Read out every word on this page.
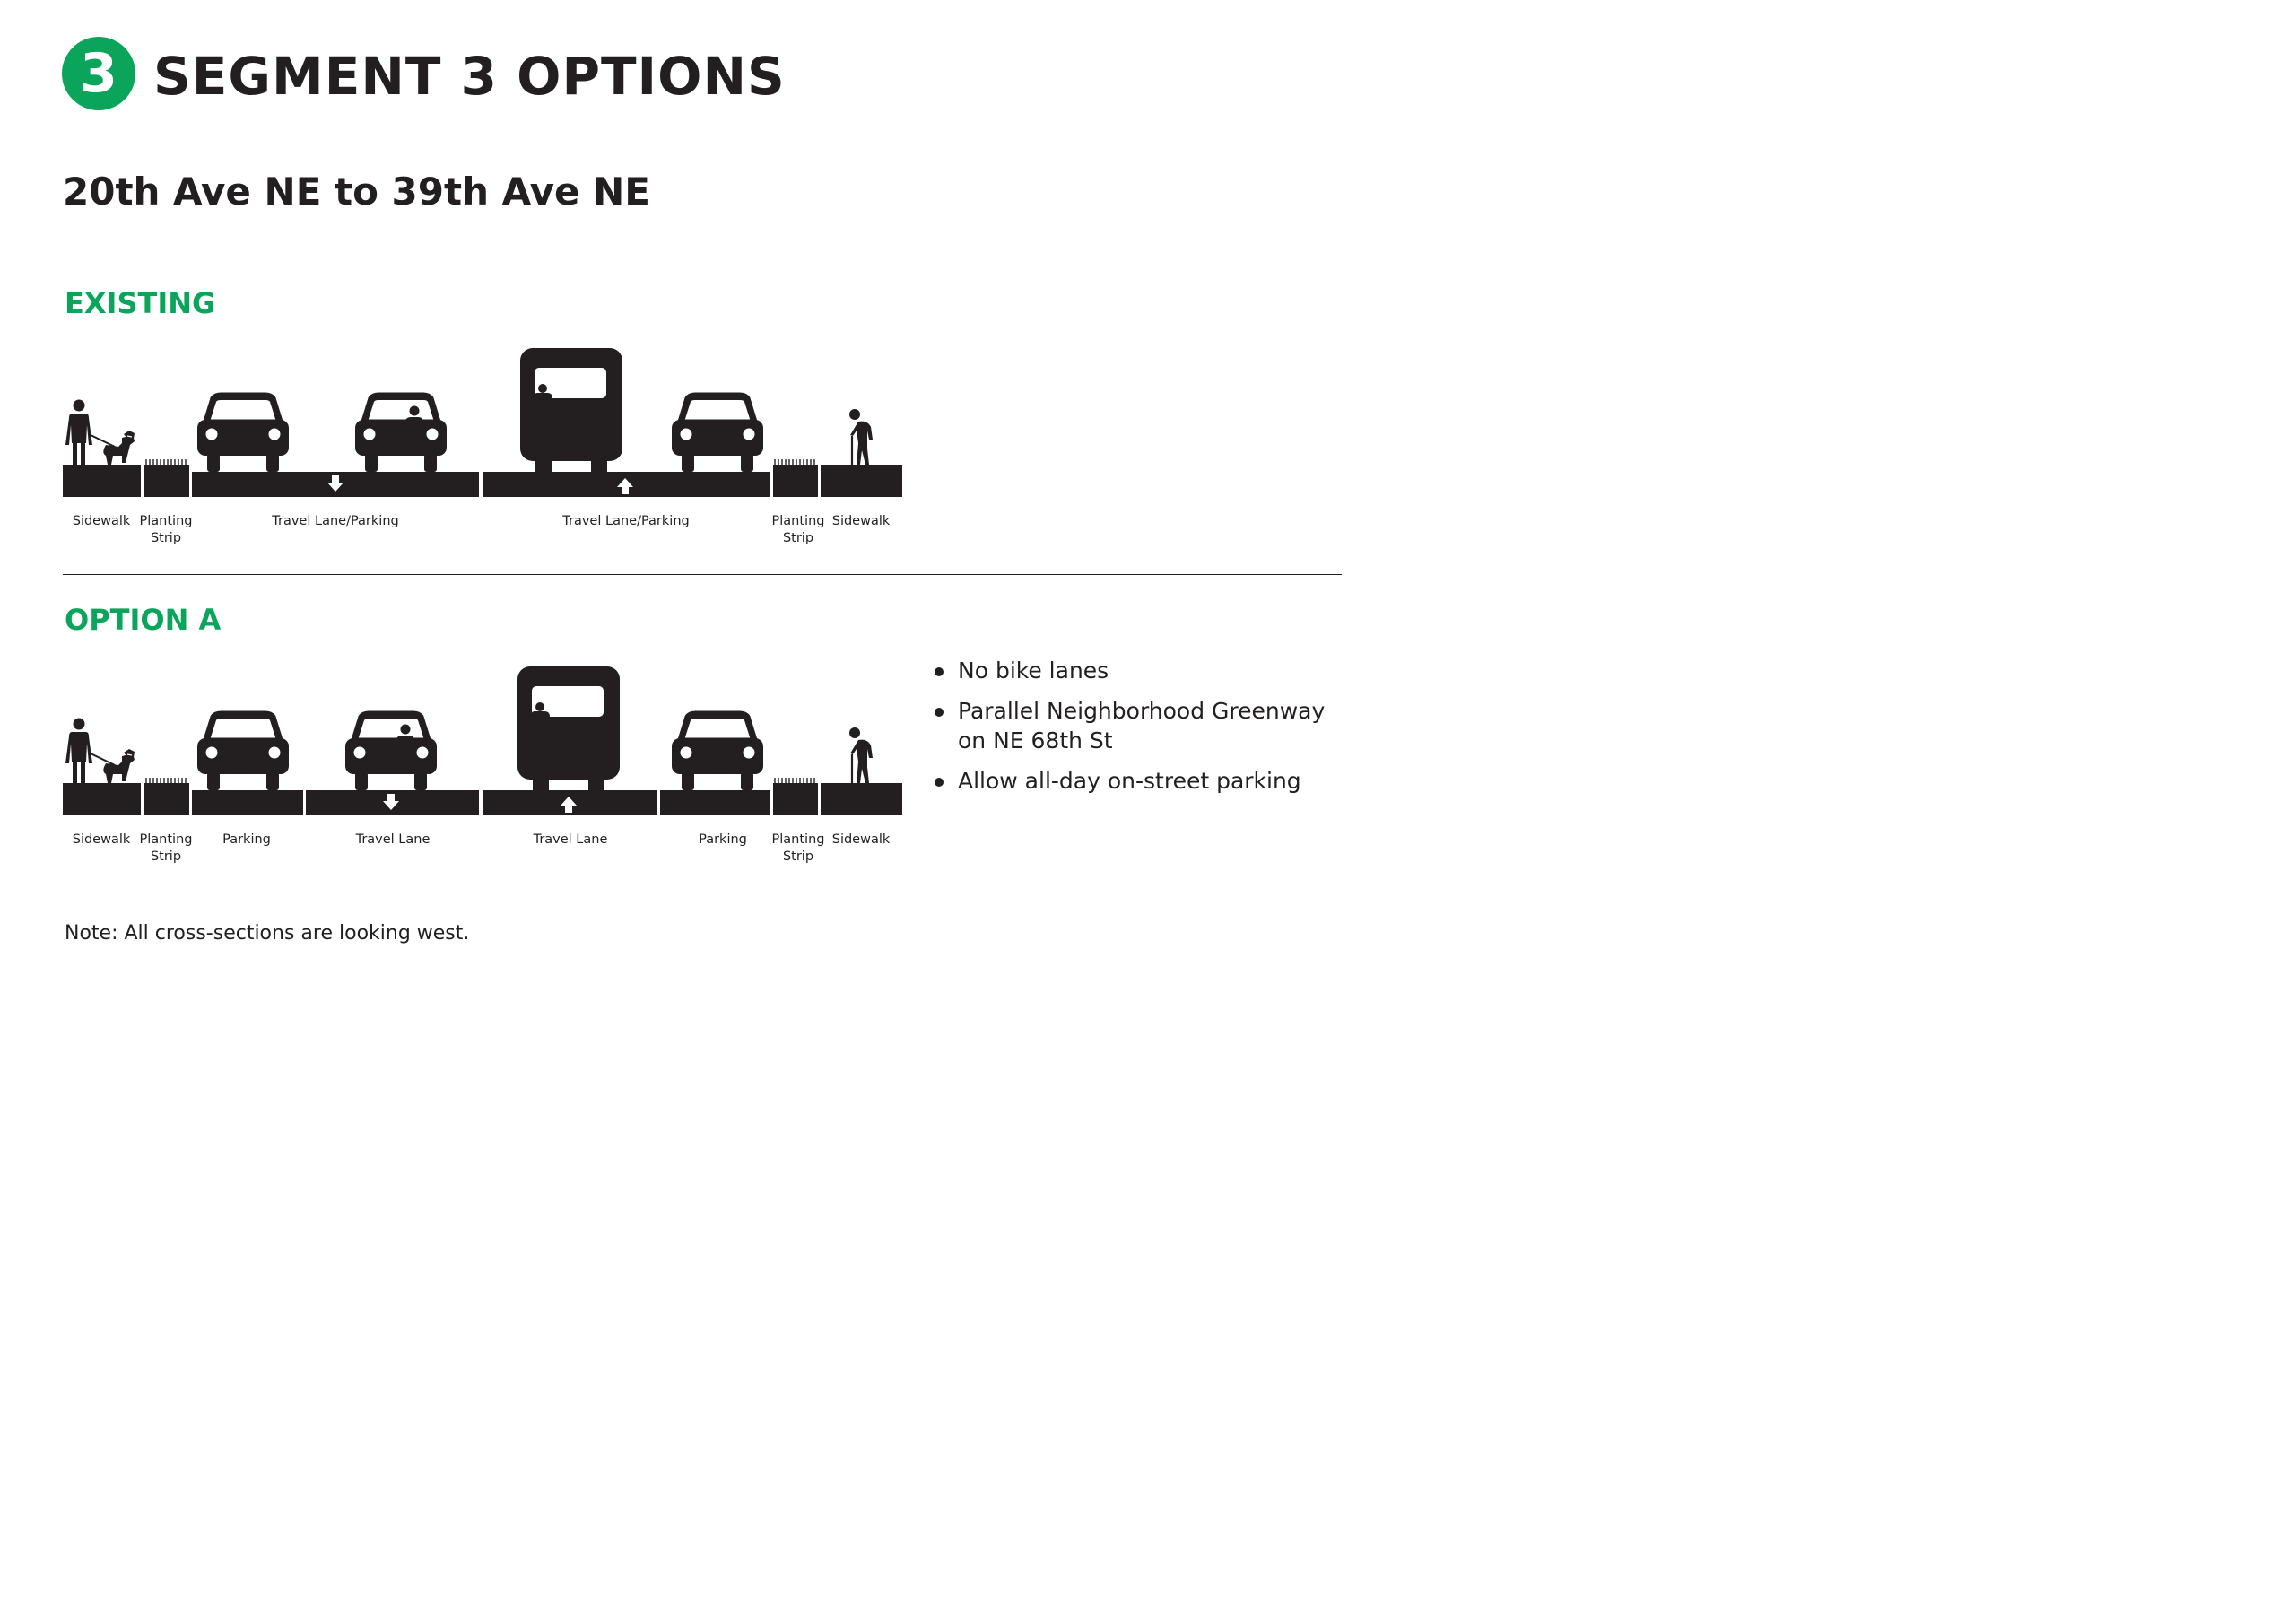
3 SEGMENT 3 OPTIONS
20th Ave NE to 39th Ave NE
EXISTING
OPTION A
Sidewalk Planting
Strip
Travel Lane/Parking	Travel Lane/Parking	Planting
Strip
Sidewalk
Sidewalk Planting
Strip
Parking	Travel Lane	Travel Lane	Parking	Planting
Strip
Sidewalk
No bike lanes
Parallel Neighborhood Greenway on NE 68th St
Allow all-day on-street parking
Note: All cross-sections are looking west.
